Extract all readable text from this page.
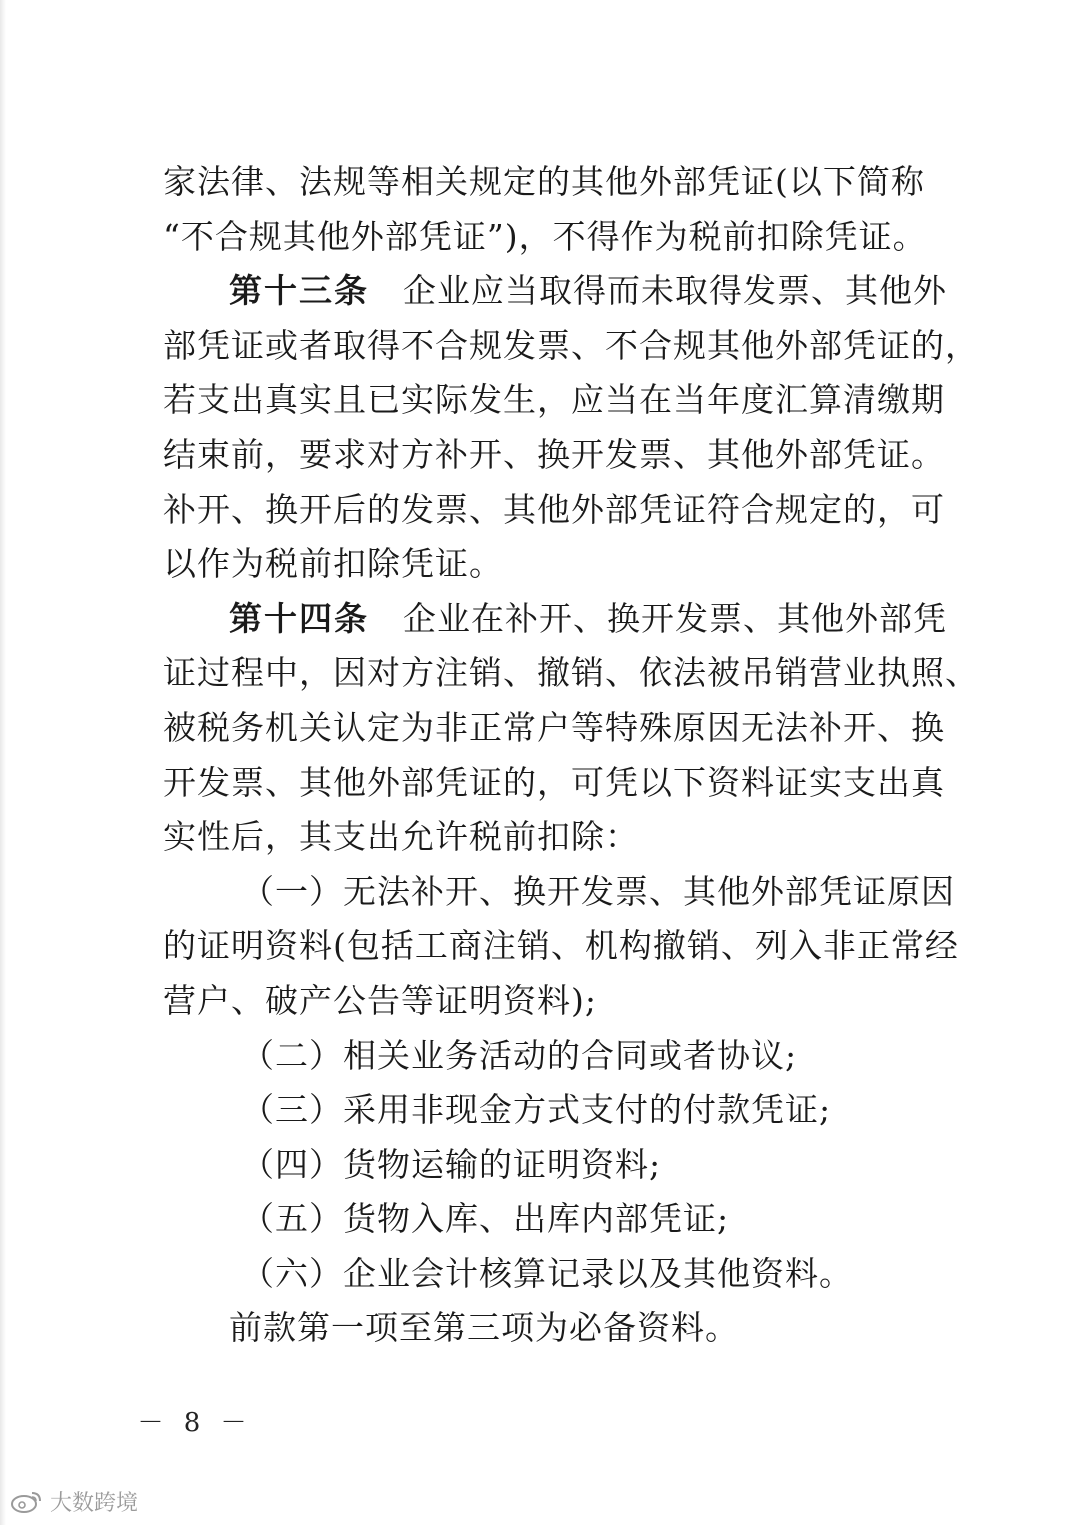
家法律、法规等相关规定的其他外部凭证(以下简称
“不合规其他外部凭证”)，不得作为税前扣除凭证。
第十三条 企业应当取得而未取得发票、其他外
部凭证或者取得不合规发票、不合规其他外部凭证的，
若支出真实且已实际发生，应当在当年度汇算清缴期
结束前，要求对方补开、换开发票、其他外部凭证。
补开、换开后的发票、其他外部凭证符合规定的，可
以作为税前扣除凭证。
第十四条 企业在补开、换开发票、其他外部凭
证过程中，因对方注销、撤销、依法被吊销营业执照、
被税务机关认定为非正常户等特殊原因无法补开、换
开发票、其他外部凭证的，可凭以下资料证实支出真
实性后，其支出允许税前扣除：
（一）无法补开、换开发票、其他外部凭证原因
的证明资料(包括工商注销、机构撤销、列入非正常经
营户、破产公告等证明资料);
（二）相关业务活动的合同或者协议;
（三）采用非现金方式支付的付款凭证;
（四）货物运输的证明资料;
（五）货物入库、出库内部凭证;
（六）企业会计核算记录以及其他资料。
前款第一项至第三项为必备资料。
－ 8 －
大数跨境
